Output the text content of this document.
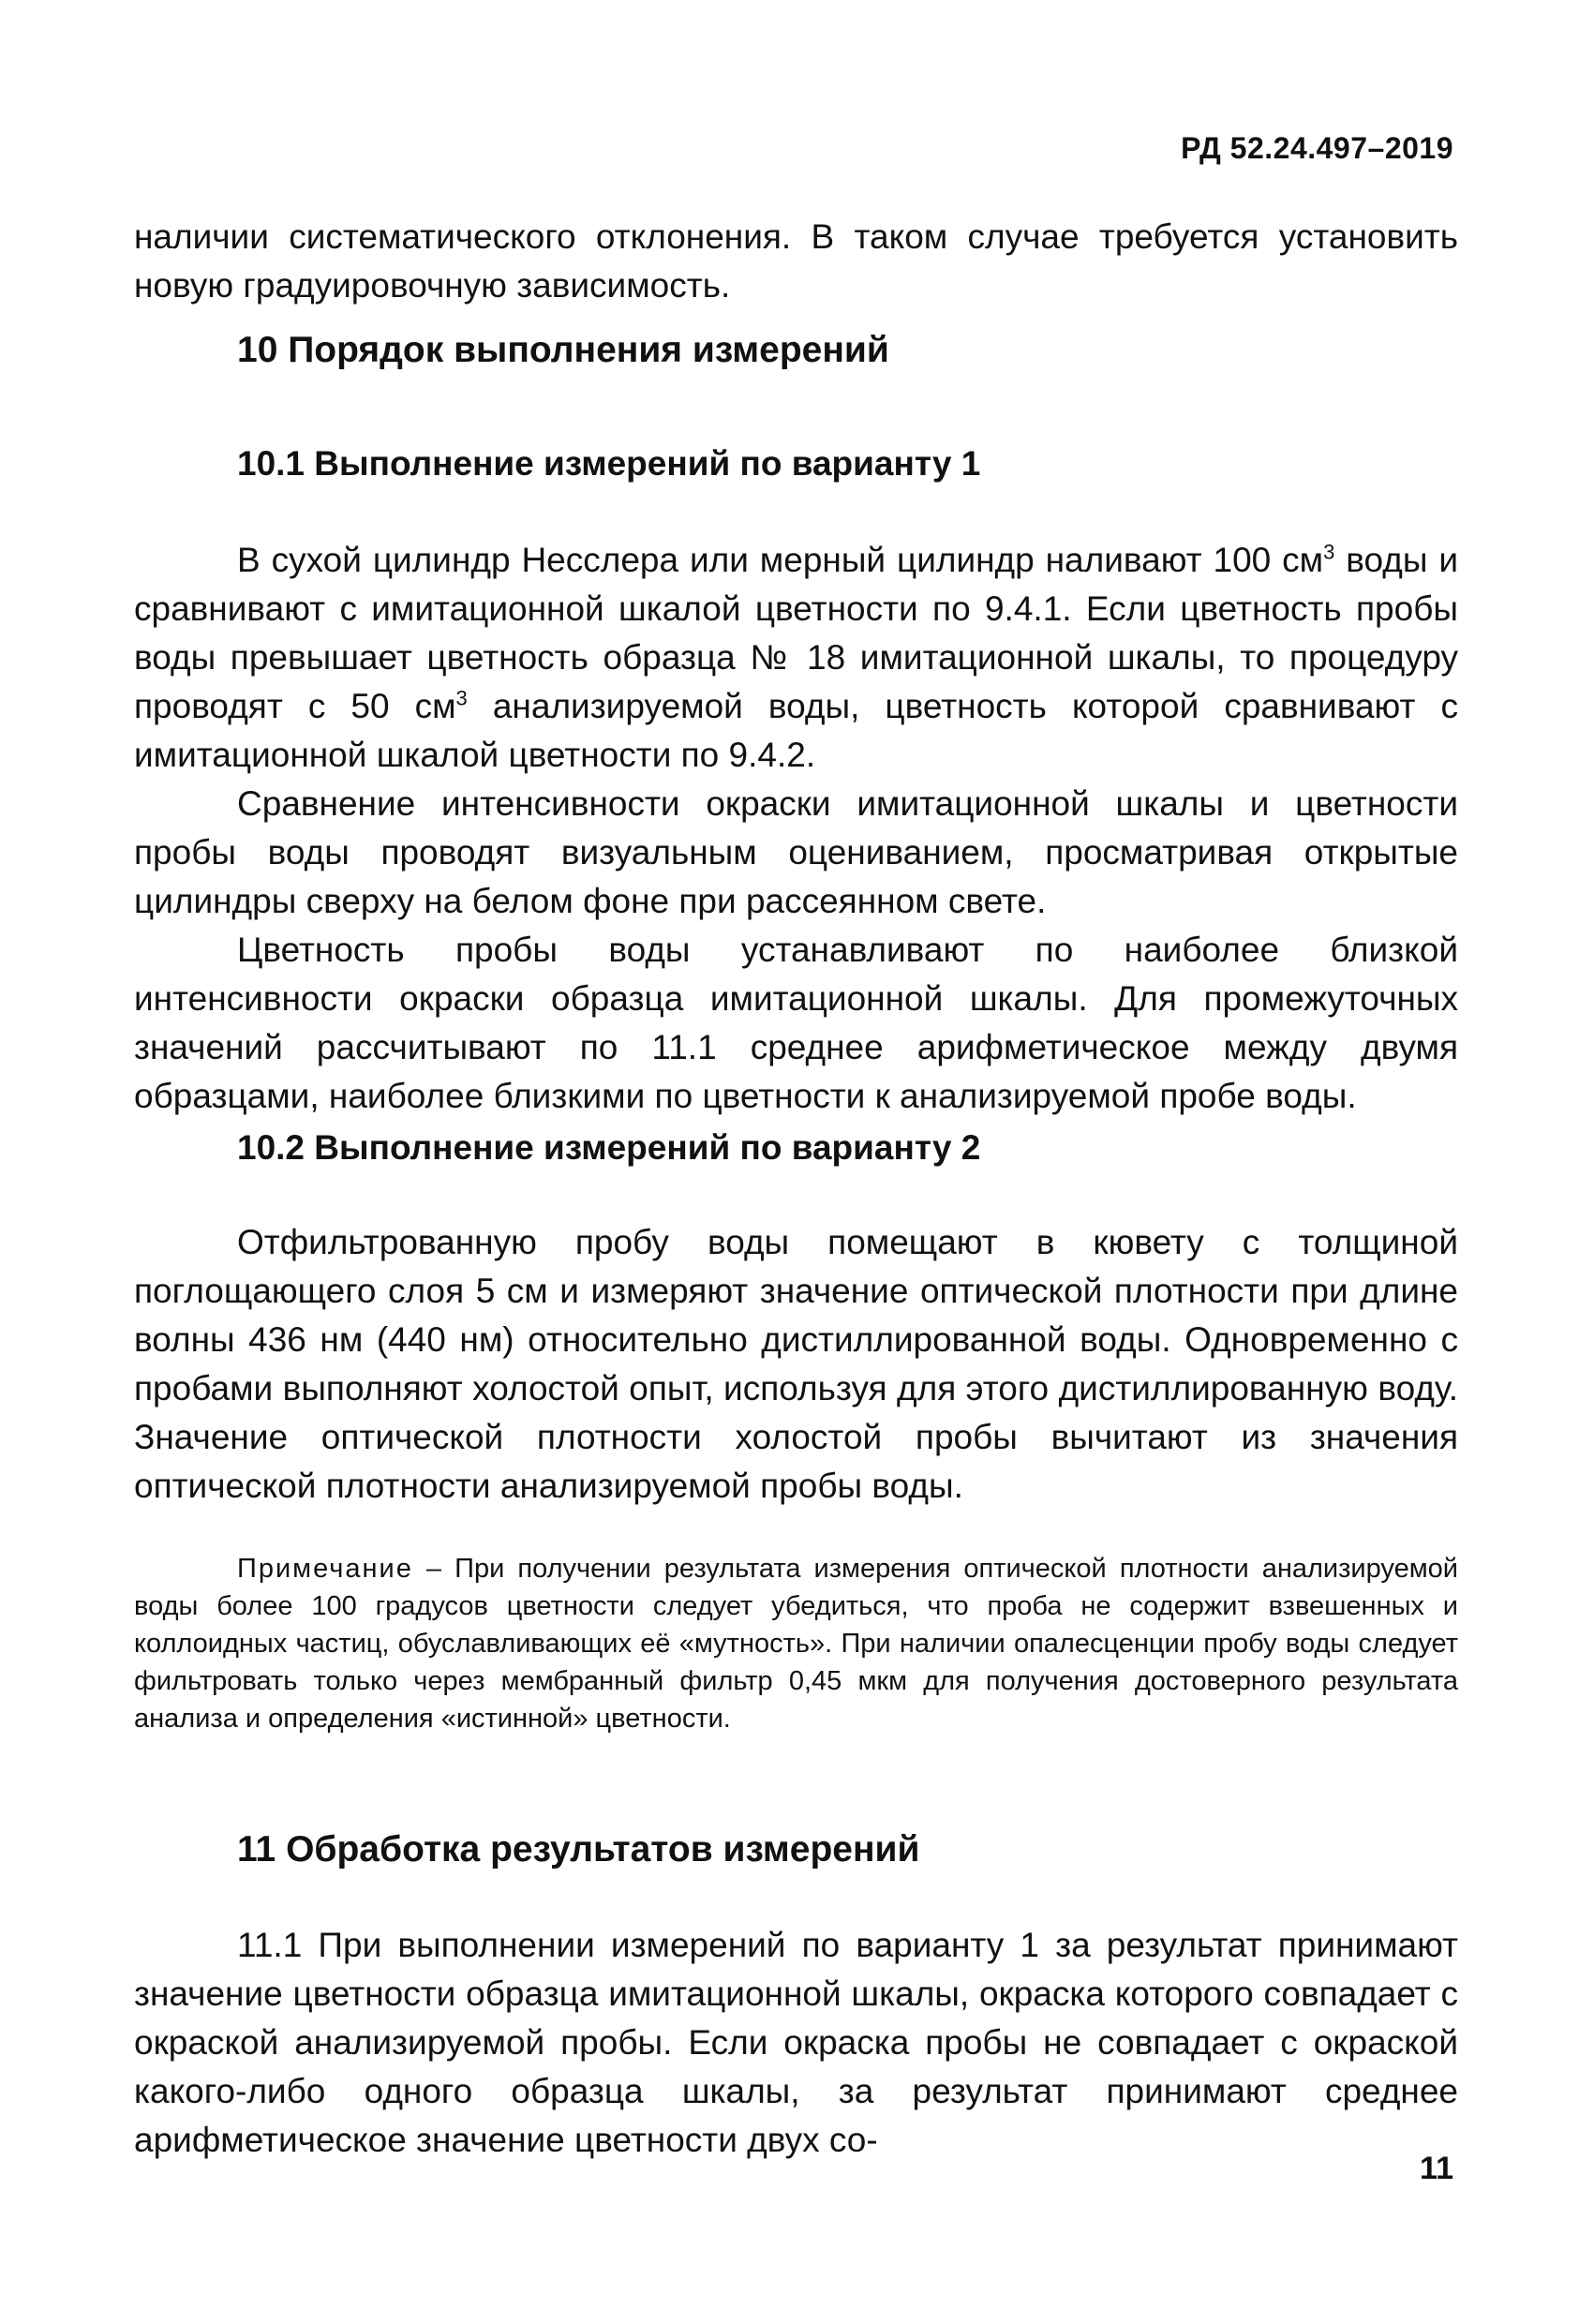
РД 52.24.497–2019

наличии систематического отклонения. В таком случае требуется установить новую градуировочную зависимость.

10 Порядок выполнения измерений
10.1 Выполнение измерений по варианту 1

В сухой цилиндр Несслера или мерный цилиндр наливают 100 $см^3$ воды и сравнивают с имитационной шкалой цветности по 9.4.1. Если цветность пробы воды превышает цветность образца № 18 имитационной шкалы, то процедуру проводят с 50 $см^3$ анализируемой воды, цветность которой сравнивают с имитационной шкалой цветности по 9.4.2.

Сравнение интенсивности окраски имитационной шкалы и цветности пробы воды проводят визуальным оцениванием, просматривая открытые цилиндры сверху на белом фоне при рассеянном свете.

Цветность пробы воды устанавливают по наиболее близкой интенсивности окраски образца имитационной шкалы. Для промежуточных значений рассчитывают по 11.1 среднее арифметическое между двумя образцами, наиболее близкими по цветности к анализируемой пробе воды.

10.2 Выполнение измерений по варианту 2

Отфильтрованную пробу воды помещают в кювету с толщиной поглощающего слоя 5 см и измеряют значение оптической плотности при длине волны 436 нм (440 нм) относительно дистиллированной воды. Одновременно с пробами выполняют холостой опыт, используя для этого дистиллированную воду. Значение оптической плотности холостой пробы вычитают из значения оптической плотности анализируемой пробы воды.

Примечание – При получении результата измерения оптической плотности анализируемой воды более 100 градусов цветности следует убедиться, что проба не содержит взвешенных и коллоидных частиц, обуславливающих её «мутность». При наличии опалесценции пробу воды следует фильтровать только через мембранный фильтр 0,45 мкм для получения достоверного результата анализа и определения «истинной» цветности.

11 Обработка результатов измерений

11.1 При выполнении измерений по варианту 1 за результат принимают значение цветности образца имитационной шкалы, окраска которого совпадает с окраской анализируемой пробы. Если окраска пробы не совпадает с окраской какого-либо одного образца шкалы, за результат принимают среднее арифметическое значение цветности двух со-

11
